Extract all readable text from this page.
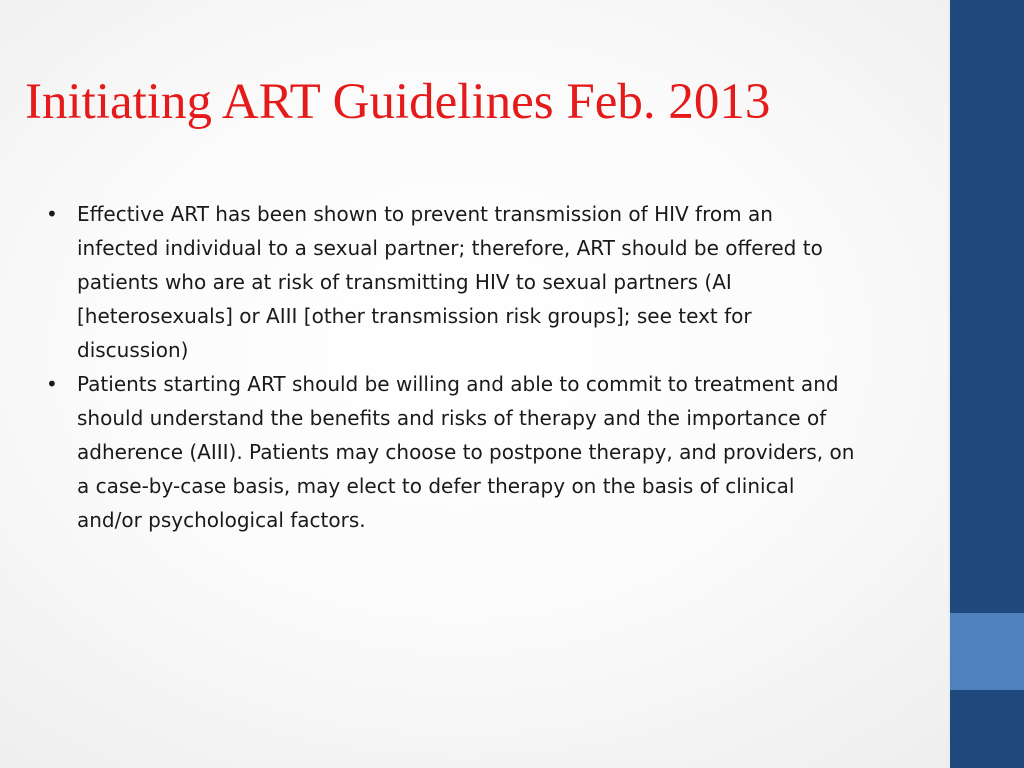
Initiating ART Guidelines Feb. 2013
• Effective ART has been shown to prevent transmission of HIV from an infected individual to a sexual partner; therefore, ART should be offered to patients who are at risk of transmitting HIV to sexual partners (AI [heterosexuals] or AIII [other transmission risk groups]; see text for discussion)
• Patients starting ART should be willing and able to commit to treatment and should understand the benefits and risks of therapy and the importance of adherence (AIII). Patients may choose to postpone therapy, and providers, on a case-by-case basis, may elect to defer therapy on the basis of clinical and/or psychological factors.
